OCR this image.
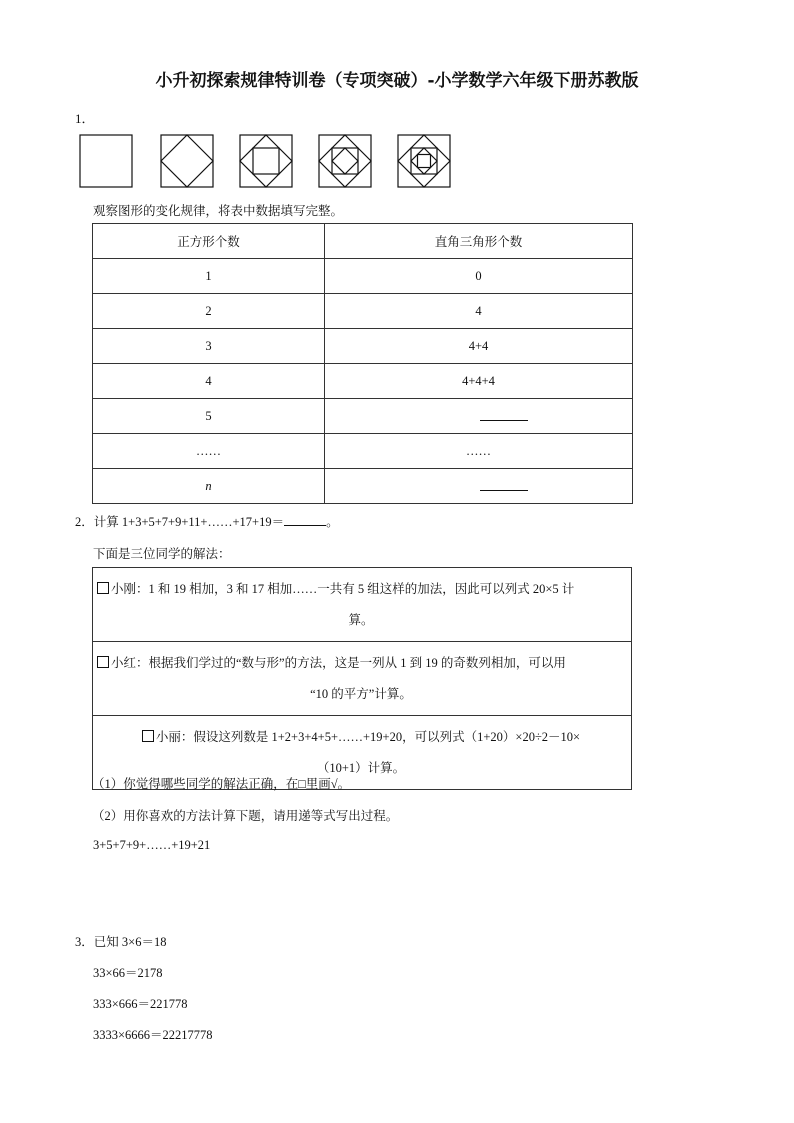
小升初探索规律特训卷（专项突破）-小学数学六年级下册苏教版
1．
观察图形的变化规律，将表中数据填写完整。
正方形个数	直角三角形个数
1	0
2	4
3	4+4
4	4+4+4
5	
……	……
n	
2．计算 1+3+5+7+9+11+……+17+19＝	。
下面是三位同学的解法：
小刚：1 和 19 相加，3 和 17 相加……一共有 5 组这样的加法，因此可以列式 20×5 计
算。
小红：根据我们学过的“数与形”的方法，这是一列从 1 到 19 的奇数列相加，可以用
“10 的平方”计算。
小丽：假设这列数是 1+2+3+4+5+……+19+20，可以列式（1+20）×20÷2－10×
（10+1）计算。
（1）你觉得哪些同学的解法正确，在□里画√。
（2）用你喜欢的方法计算下题，请用递等式写出过程。
3+5+7+9+……+19+21
3．已知 3×6＝18
33×66＝2178
333×666＝221778
3333×6666＝22217778
